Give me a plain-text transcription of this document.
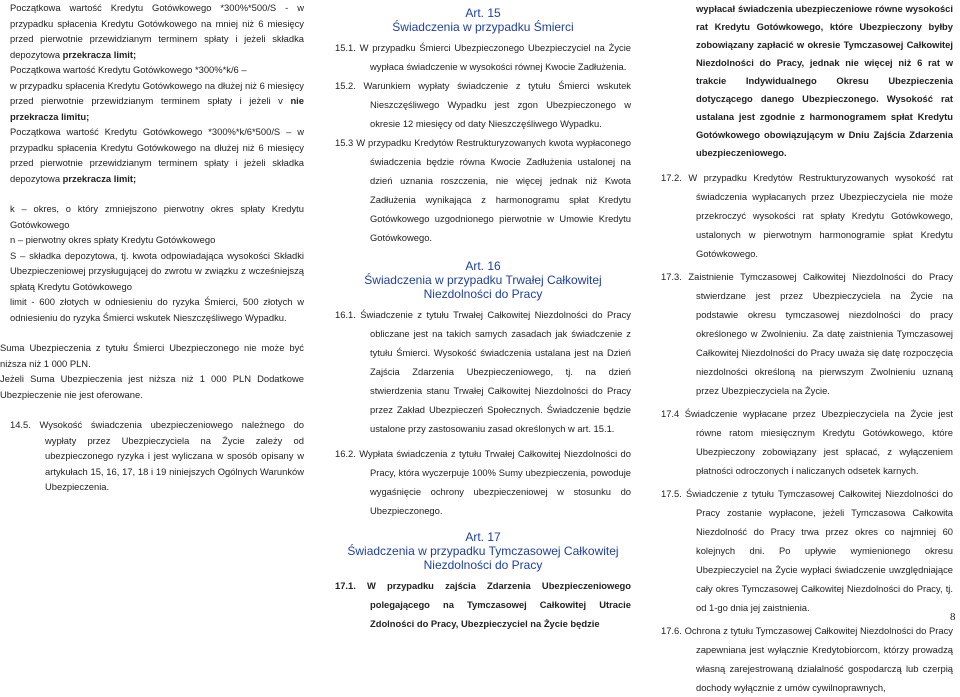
Początkowa wartość Kredytu Gotówkowego *300%*500/S - w przypadku spłacenia Kredytu Gotówkowego na mniej niż 6 miesięcy przed pierwotnie przewidzianym terminem spłaty i jeżeli składka depozytowa przekracza limit;

Początkowa wartość Kredytu Gotówkowego *300%*k/6 –

w przypadku spłacenia Kredytu Gotówkowego na dłużej niż 6 miesięcy przed pierwotnie przewidzianym terminem spłaty i jeżeli v nie przekracza limitu;

Początkowa wartość Kredytu Gotówkowego *300%*k/6*500/S – w przypadku spłacenia Kredytu Gotówkowego na dłużej niż 6 miesięcy przed pierwotnie przewidzianym terminem spłaty i jeżeli składka depozytowa przekracza limit;

k – okres, o który zmniejszono pierwotny okres spłaty Kredytu Gotówkowego

n – pierwotny okres spłaty Kredytu Gotówkowego

S – składka depozytowa, tj. kwota odpowiadająca wysokości Składki Ubezpieczeniowej przysługującej do zwrotu w związku z wcześniejszą spłatą Kredytu Gotówkowego

limit - 600 złotych w odniesieniu do ryzyka Śmierci, 500 złotych w odniesieniu do ryzyka Śmierci wskutek Nieszczęśliwego Wypadku.

Suma Ubezpieczenia z tytułu Śmierci Ubezpieczonego nie może być niższa niż 1 000 PLN.

Jeżeli Suma Ubezpieczenia jest niższa niż 1 000 PLN Dodatkowe Ubezpieczenie nie jest oferowane.

14.5. Wysokość świadczenia ubezpieczeniowego należnego do wypłaty przez Ubezpieczyciela na Życie zależy od ubezpieczonego ryzyka i jest wyliczana w sposób opisany w artykułach 15, 16, 17, 18 i 19 niniejszych Ogólnych Warunków Ubezpieczenia.

Art. 15

Świadczenia w przypadku Śmierci

15.1. W przypadku Śmierci Ubezpieczonego Ubezpieczyciel na Życie wypłaca świadczenie w wysokości równej Kwocie Zadłużenia.

15.2. Warunkiem wypłaty świadczenie z tytułu Śmierci wskutek Nieszczęśliwego Wypadku jest zgon Ubezpieczonego w okresie 12 miesięcy od daty Nieszczęśliwego Wypadku.

15.3 W przypadku Kredytów Restrukturyzowanych kwota wypłaconego świadczenia będzie równa Kwocie Zadłużenia ustalonej na dzień uznania roszczenia, nie więcej jednak niż Kwota Zadłużenia wynikająca z harmonogramu spłat Kredytu Gotówkowego uzgodnionego pierwotnie w Umowie Kredytu Gotówkowego.

Art. 16

Świadczenia w przypadku Trwałej Całkowitej Niezdolności do Pracy

16.1. Świadczenie z tytułu Trwałej Całkowitej Niezdolności do Pracy obliczane jest na takich samych zasadach jak świadczenie z tytułu Śmierci. Wysokość świadczenia ustalana jest na Dzień Zajścia Zdarzenia Ubezpieczeniowego, tj. na dzień stwierdzenia stanu Trwałej Całkowitej Niezdolności do Pracy przez Zakład Ubezpieczeń Społecznych. Świadczenie będzie ustalone przy zastosowaniu zasad określonych w art. 15.1.

16.2. Wypłata świadczenia z tytułu Trwałej Całkowitej Niezdolności do Pracy, która wyczerpuje 100% Sumy ubezpieczenia, powoduje wygaśnięcie ochrony ubezpieczeniowej w stosunku do Ubezpieczonego.

Art. 17

Świadczenia w przypadku Tymczasowej Całkowitej Niezdolności do Pracy

17.1. W przypadku zajścia Zdarzenia Ubezpieczeniowego polegającego na Tymczasowej Całkowitej Utracie Zdolności do Pracy, Ubezpieczyciel na Życie będzie

wypłacał świadczenia ubezpieczeniowe równe wysokości rat Kredytu Gotówkowego, które Ubezpieczony byłby zobowiązany zapłacić w okresie Tymczasowej Całkowitej Niezdolności do Pracy, jednak nie więcej niż 6 rat w trakcie Indywidualnego Okresu Ubezpieczenia dotyczącego danego Ubezpieczonego. Wysokość rat ustalana jest zgodnie z harmonogramem spłat Kredytu Gotówkowego obowiązującym w Dniu Zajścia Zdarzenia ubezpieczeniowego.

17.2. W przypadku Kredytów Restrukturyzowanych wysokość rat świadczenia wypłacanych przez Ubezpieczyciela nie może przekroczyć wysokości rat spłaty Kredytu Gotówkowego, ustalonych w pierwotnym harmonogramie spłat Kredytu Gotówkowego.

17.3. Zaistnienie Tymczasowej Całkowitej Niezdolności do Pracy stwierdzane jest przez Ubezpieczyciela na Życie na podstawie okresu tymczasowej niezdolności do pracy określonego w Zwolnieniu. Za datę zaistnienia Tymczasowej Całkowitej Niezdolności do Pracy uważa się datę rozpoczęcia niezdolności określoną na pierwszym Zwolnieniu uznaną przez Ubezpieczyciela na Życie.

17.4 Świadczenie wypłacane przez Ubezpieczyciela na Życie jest równe ratom miesięcznym Kredytu Gotówkowego, które Ubezpieczony zobowiązany jest spłacać, z wyłączeniem płatności odroczonych i naliczanych odsetek karnych.

17.5. Świadczenie z tytułu Tymczasowej Całkowitej Niezdolności do Pracy zostanie wypłacone, jeżeli Tymczasowa Całkowita Niezdolność do Pracy trwa przez okres co najmniej 60 kolejnych dni. Po upływie wymienionego okresu Ubezpieczyciel na Życie wypłaci świadczenie uwzględniające cały okres Tymczasowej Całkowitej Niezdolności do Pracy, tj. od 1-go dnia jej zaistnienia.

17.6. Ochrona z tytułu Tymczasowej Całkowitej Niezdolności do Pracy zapewniana jest wyłącznie Kredytobiorcom, którzy prowadzą własną zarejestrowaną działalność gospodarczą lub czerpią dochody wyłącznie z umów cywilnoprawnych,

8
